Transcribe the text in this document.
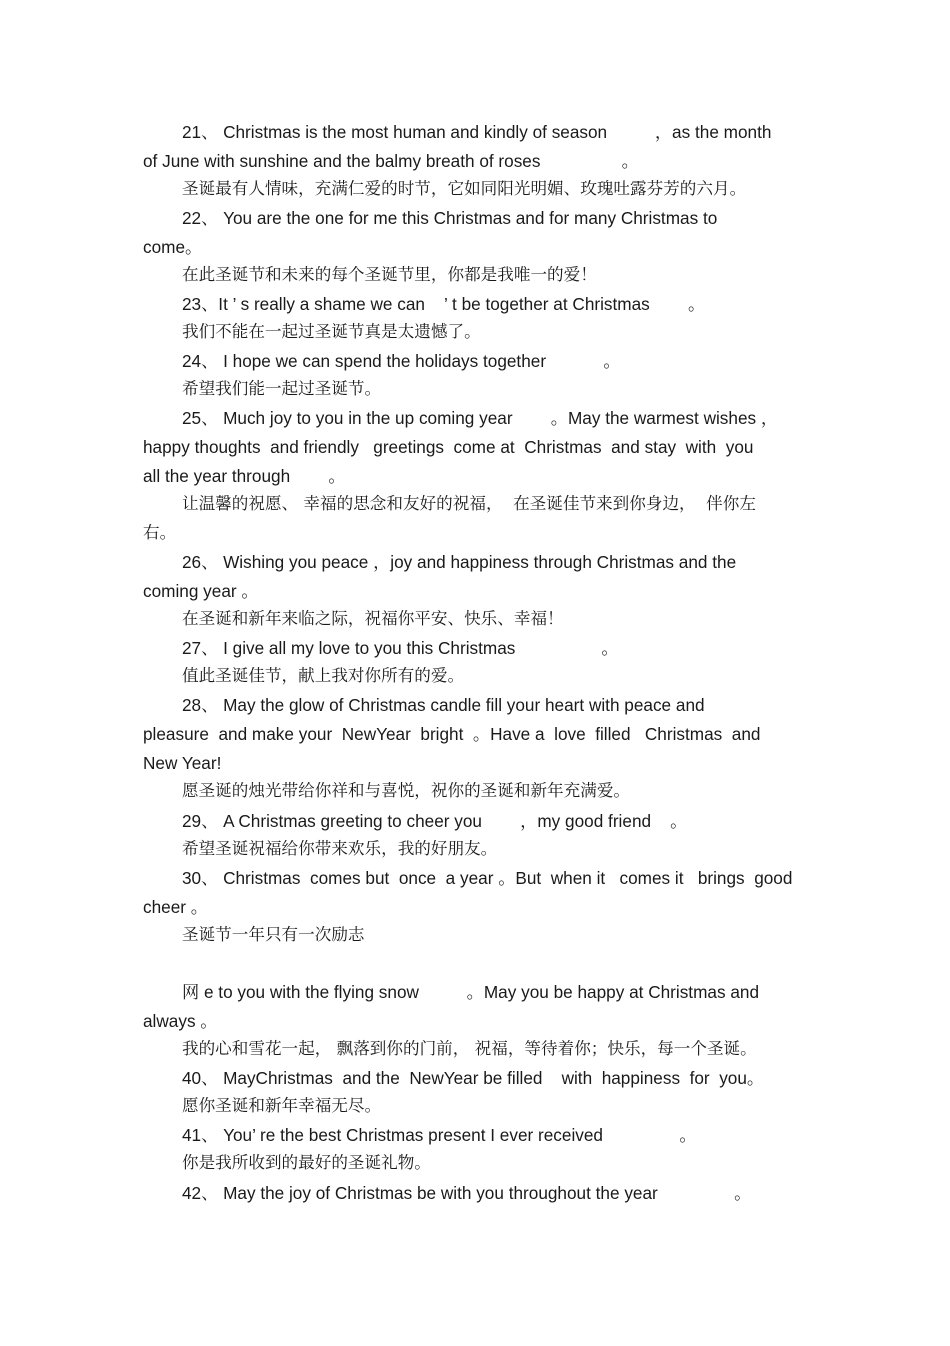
21、 Christmas is the most human and kindly of season          ，as the month
of June with sunshine and the balmy breath of roses                 。
圣诞最有人情味，充满仁爱的时节，它如同阳光明媚、玫瑰吐露芬芳的六月。
22、 You are the one for me this Christmas and for many Christmas to
come。
在此圣诞节和未来的每个圣诞节里，你都是我唯一的爱！
23、It ’ s really a shame we can    ’ t be together at Christmas        。
我们不能在一起过圣诞节真是太遗憾了。
24、 I hope we can spend the holidays together            。
希望我们能一起过圣诞节。
25、 Much joy to you in the up coming year        。May the warmest wishes ，
happy thoughts  and friendly   greetings  come at  Christmas  and stay  with  you
all the year through        。
让温馨的祝愿、 幸福的思念和友好的祝福，  在圣诞佳节来到你身边，  伴你左
右。
26、 Wishing you peace ，joy and happiness through Christmas and the
coming year 。
在圣诞和新年来临之际，祝福你平安、快乐、幸福！
27、 I give all my love to you this Christmas                  。
值此圣诞佳节，献上我对你所有的爱。
28、 May the glow of Christmas candle fill your heart with peace and
pleasure  and make your  NewYear  bright  。Have a  love  filled   Christmas  and
New Year!
愿圣诞的烛光带给你祥和与喜悦，祝你的圣诞和新年充满爱。
29、 A Christmas greeting to cheer you        ，my good friend    。
希望圣诞祝福给你带来欢乐，我的好朋友。
30、 Christmas  comes but  once  a year 。But  when it   comes it   brings  good
cheer 。
圣诞节一年只有一次励志
网 e to you with the flying snow          。May you be happy at Christmas and
always 。
我的心和雪花一起， 飘落到你的门前， 祝福，等待着你；快乐，每一个圣诞。
40、 MayChristmas  and the  NewYear be filled    with  happiness  for  you。
愿你圣诞和新年幸福无尽。
41、 You’ re the best Christmas present I ever received                。
你是我所收到的最好的圣诞礼物。
42、 May the joy of Christmas be with you throughout the year                。
